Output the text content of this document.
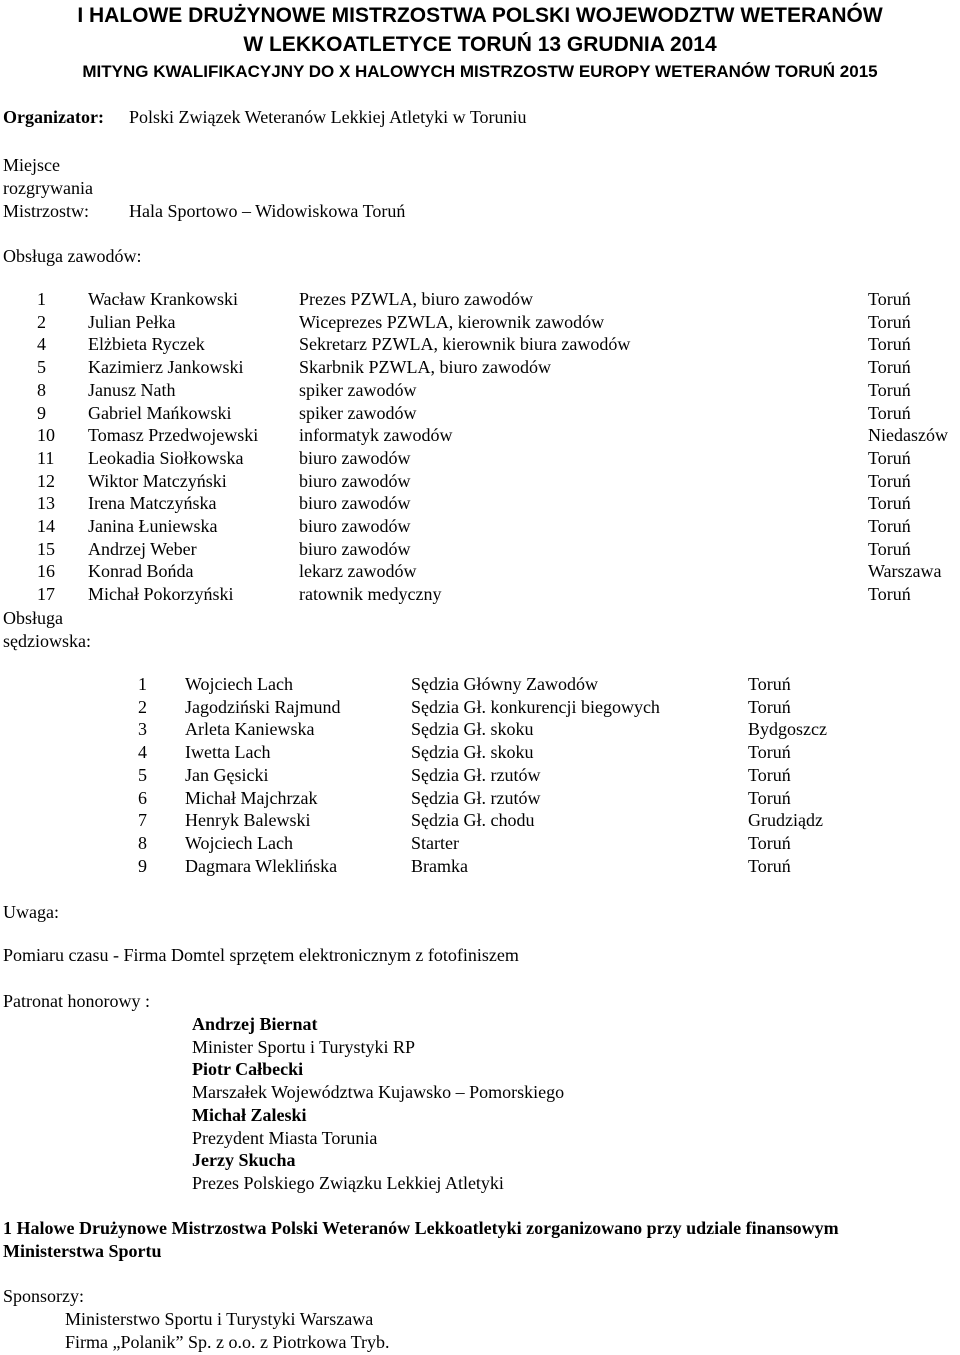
I HALOWE DRUŻYNOWE MISTRZOSTWA POLSKI WOJEWODZTW WETERANÓW
W LEKKOATLETYCE TORUŃ 13 GRUDNIA 2014
MITYNG KWALIFIKACYJNY DO X HALOWYCH MISTRZOSTW EUROPY WETERANÓW TORUŃ 2015
Organizator: Polski Związek Weteranów Lekkiej Atletyki w Toruniu
Miejsce
rozgrywania
Mistrzostw: Hala Sportowo – Widowiskowa Toruń
Obsługa zawodów:
1 Wacław Krankowski	Prezes PZWLA, biuro zawodów	Toruń
2 Julian Pełka	Wiceprezes PZWLA, kierownik zawodów	Toruń
4 Elżbieta Ryczek	Sekretarz PZWLA, kierownik biura zawodów	Toruń
5 Kazimierz Jankowski	Skarbnik PZWLA, biuro zawodów	Toruń
8 Janusz Nath	spiker zawodów	Toruń
9 Gabriel Mańkowski	spiker zawodów	Toruń
10 Tomasz Przedwojewski informatyk zawodów	Niedaszów
11 Leokadia Siołkowska	biuro zawodów	Toruń
12 Wiktor Matczyński	biuro zawodów	Toruń
13 Irena Matczyńska	biuro zawodów	Toruń
14 Janina Łuniewska	biuro zawodów	Toruń
15 Andrzej Weber	biuro zawodów	Toruń
16 Konrad Bońda	lekarz zawodów	Warszawa
17 Michał Pokorzyński	ratownik medyczny	Toruń
Obsługa
sędziowska:
1 Wojciech Lach	Sędzia Główny Zawodów	Toruń
2 Jagodziński Rajmund	Sędzia Gł. konkurencji biegowych	Toruń
3 Arleta Kaniewska	Sędzia Gł. skoku	Bydgoszcz
4 Iwetta Lach	Sędzia Gł. skoku	Toruń
5 Jan Gęsicki	Sędzia Gł. rzutów	Toruń
6 Michał Majchrzak	Sędzia Gł. rzutów	Toruń
7 Henryk Balewski	Sędzia Gł. chodu	Grudziądz
8 Wojciech Lach	Starter	Toruń
9 Dagmara Wleklińska	Bramka	Toruń
Uwaga:
Pomiaru czasu - Firma Domtel sprzętem elektronicznym z fotofiniszem
Patronat honorowy :
Andrzej Biernat
Minister Sportu i Turystyki RP
Piotr Całbecki
Marszałek Województwa Kujawsko – Pomorskiego
Michał Zaleski
Prezydent Miasta Torunia
Jerzy Skucha
Prezes Polskiego Związku Lekkiej Atletyki
1 Halowe Drużynowe Mistrzostwa Polski Weteranów Lekkoatletyki zorganizowano przy udziale finansowym
Ministerstwa Sportu
Sponsorzy:
Ministerstwo Sportu i Turystyki Warszawa
Firma „Polanik” Sp. z o.o. z Piotrkowa Tryb.
